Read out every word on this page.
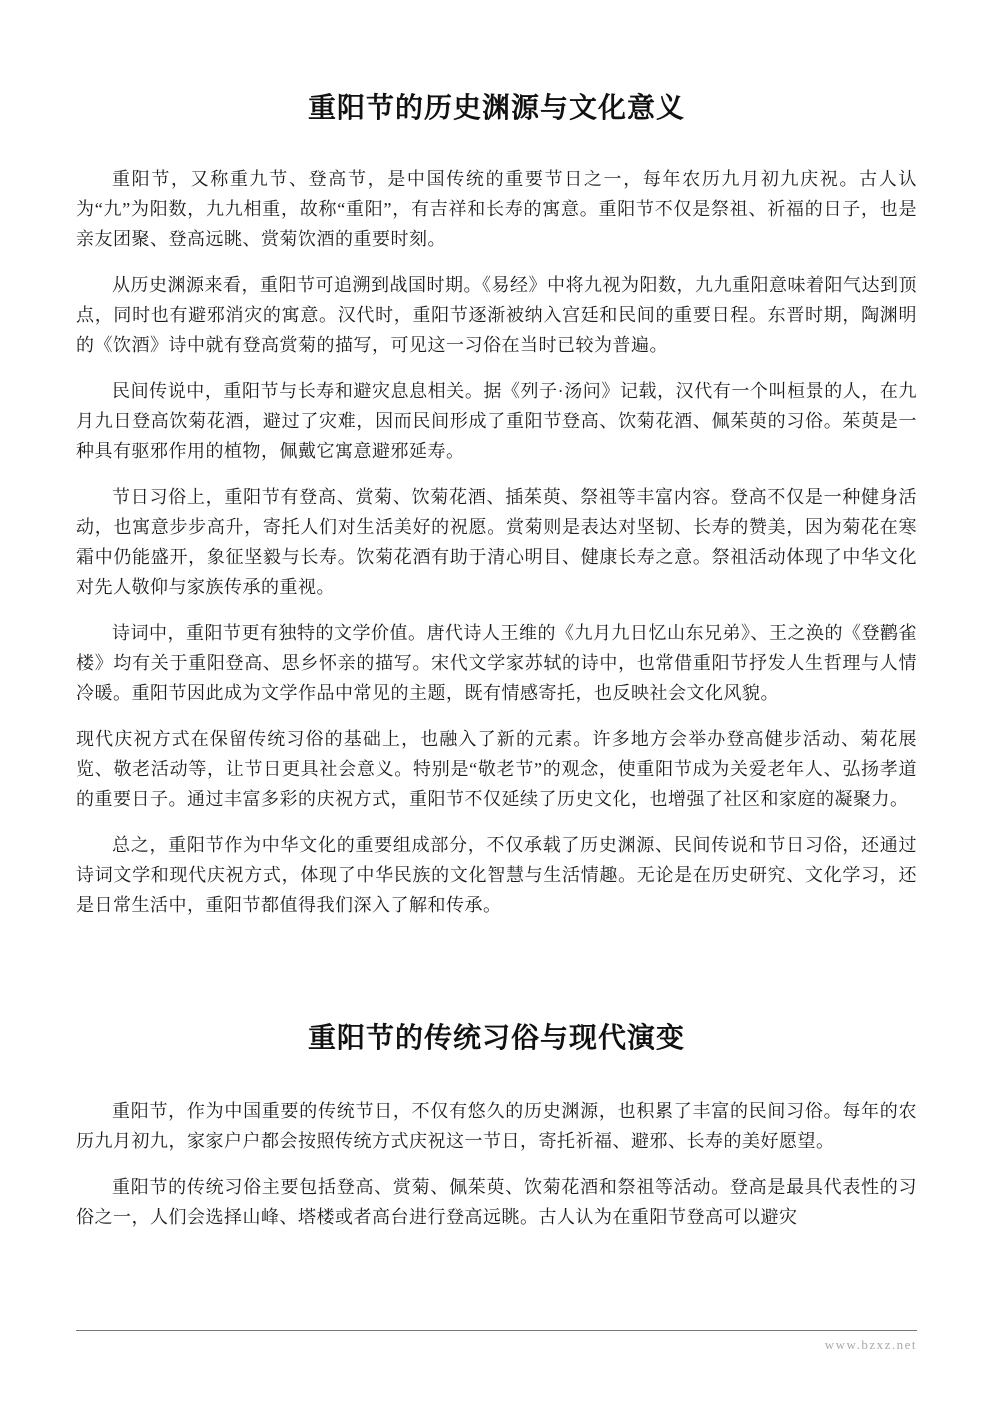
重阳节的历史渊源与文化意义

重阳节，又称重九节、登高节，是中国传统的重要节日之一，每年农历九月初九庆祝。古人认为“九”为阳数，九九相重，故称“重阳”，有吉祥和长寿的寓意。重阳节不仅是祭祖、祈福的日子，也是亲友团聚、登高远眺、赏菊饮酒的重要时刻。

从历史渊源来看，重阳节可追溯到战国时期。《易经》中将九视为阳数，九九重阳意味着阳气达到顶点，同时也有避邪消灾的寓意。汉代时，重阳节逐渐被纳入宫廷和民间的重要日程。东晋时期，陶渊明的《饮酒》诗中就有登高赏菊的描写，可见这一习俗在当时已较为普遍。

民间传说中，重阳节与长寿和避灾息息相关。据《列子·汤问》记载，汉代有一个叫桓景的人，在九月九日登高饮菊花酒，避过了灾难，因而民间形成了重阳节登高、饮菊花酒、佩茱萸的习俗。茱萸是一种具有驱邪作用的植物，佩戴它寓意避邪延寿。

节日习俗上，重阳节有登高、赏菊、饮菊花酒、插茱萸、祭祖等丰富内容。登高不仅是一种健身活动，也寓意步步高升，寄托人们对生活美好的祝愿。赏菊则是表达对坚韧、长寿的赞美，因为菊花在寒霜中仍能盛开，象征坚毅与长寿。饮菊花酒有助于清心明目、健康长寿之意。祭祖活动体现了中华文化对先人敬仰与家族传承的重视。

诗词中，重阳节更有独特的文学价值。唐代诗人王维的《九月九日忆山东兄弟》、王之涣的《登鹳雀楼》均有关于重阳登高、思乡怀亲的描写。宋代文学家苏轼的诗中，也常借重阳节抒发人生哲理与人情冷暖。重阳节因此成为文学作品中常见的主题，既有情感寄托，也反映社会文化风貌。

现代庆祝方式在保留传统习俗的基础上，也融入了新的元素。许多地方会举办登高健步活动、菊花展览、敬老活动等，让节日更具社会意义。特别是“敬老节”的观念，使重阳节成为关爱老年人、弘扬孝道的重要日子。通过丰富多彩的庆祝方式，重阳节不仅延续了历史文化，也增强了社区和家庭的凝聚力。

总之，重阳节作为中华文化的重要组成部分，不仅承载了历史渊源、民间传说和节日习俗，还通过诗词文学和现代庆祝方式，体现了中华民族的文化智慧与生活情趣。无论是在历史研究、文化学习，还是日常生活中，重阳节都值得我们深入了解和传承。

重阳节的传统习俗与现代演变

重阳节，作为中国重要的传统节日，不仅有悠久的历史渊源，也积累了丰富的民间习俗。每年的农历九月初九，家家户户都会按照传统方式庆祝这一节日，寄托祈福、避邪、长寿的美好愿望。

重阳节的传统习俗主要包括登高、赏菊、佩茱萸、饮菊花酒和祭祖等活动。登高是最具代表性的习俗之一，人们会选择山峰、塔楼或者高台进行登高远眺。古人认为在重阳节登高可以避灾

www.bzxz.net
